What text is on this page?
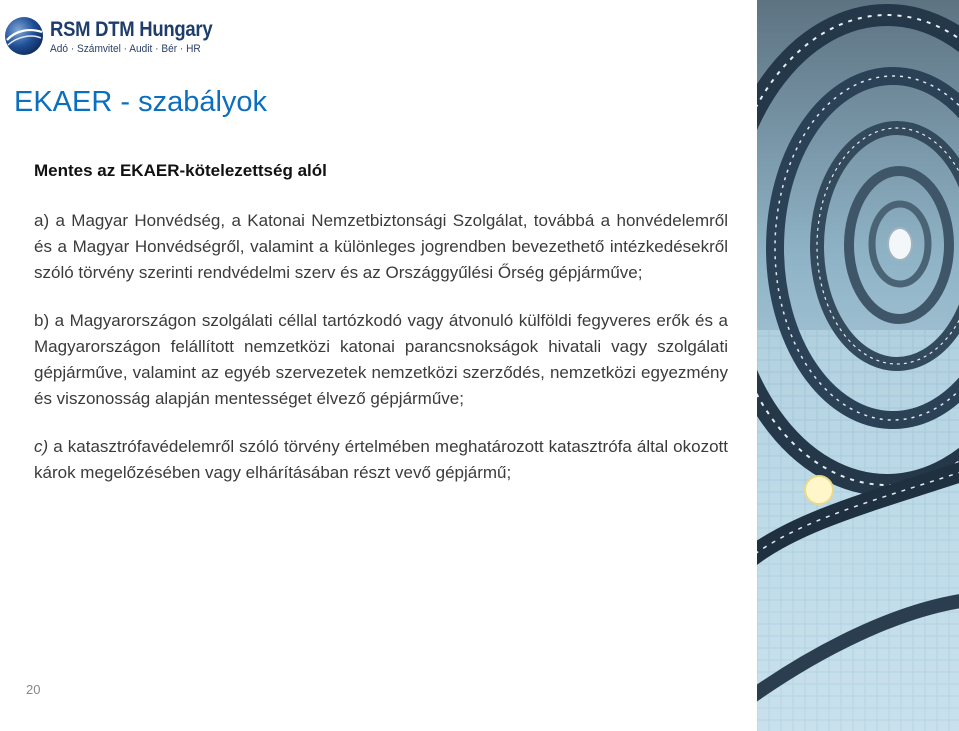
RSM DTM Hungary
Adó · Számvitel · Audit · Bér · HR
EKAER - szabályok

Mentes az EKAER-kötelezettség alól

a) a Magyar Honvédség, a Katonai Nemzetbiztonsági Szolgálat, továbbá a honvédelemről és a Magyar Honvédségről, valamint a különleges jogrendben bevezethető intézkedésekről szóló törvény szerinti rendvédelmi szerv és az Országgyűlési Őrség gépjárműve;

b) a Magyarországon szolgálati céllal tartózkodó vagy átvonuló külföldi fegyveres erők és a Magyarországon felállított nemzetközi katonai parancsnokságok hivatali vagy szolgálati gépjárműve, valamint az egyéb szervezetek nemzetközi szerződés, nemzetközi egyezmény és viszonosság alapján mentességet élvező gépjárműve;

c) a katasztrófavédelemről szóló törvény értelmében meghatározott katasztrófa által okozott károk megelőzésében vagy elhárításában részt vevő gépjármű;

20
